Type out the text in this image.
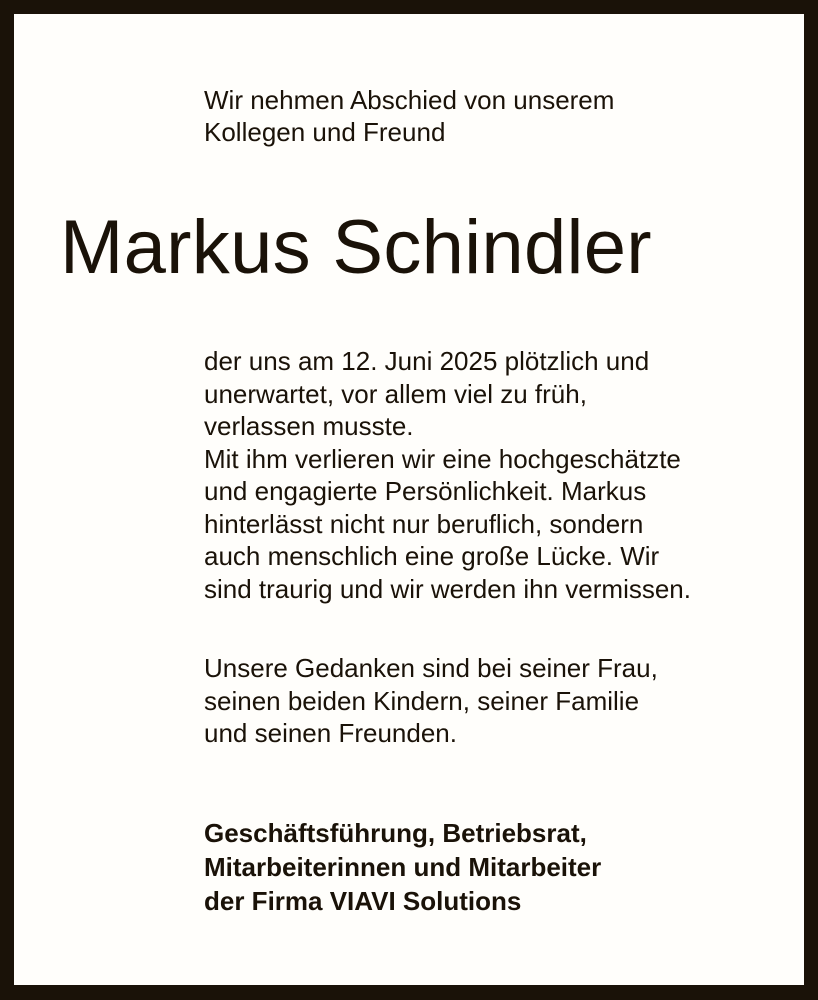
Wir nehmen Abschied von unserem
Kollegen und Freund
Markus Schindler
der uns am 12. Juni 2025 plötzlich und
unerwartet, vor allem viel zu früh,
verlassen musste.
Mit ihm verlieren wir eine hochgeschätzte
und engagierte Persönlichkeit. Markus
hinterlässt nicht nur beruflich, sondern
auch menschlich eine große Lücke. Wir
sind traurig und wir werden ihn vermissen.
Unsere Gedanken sind bei seiner Frau,
seinen beiden Kindern, seiner Familie
und seinen Freunden.
Geschäftsführung, Betriebsrat,
Mitarbeiterinnen und Mitarbeiter
der Firma VIAVI Solutions
